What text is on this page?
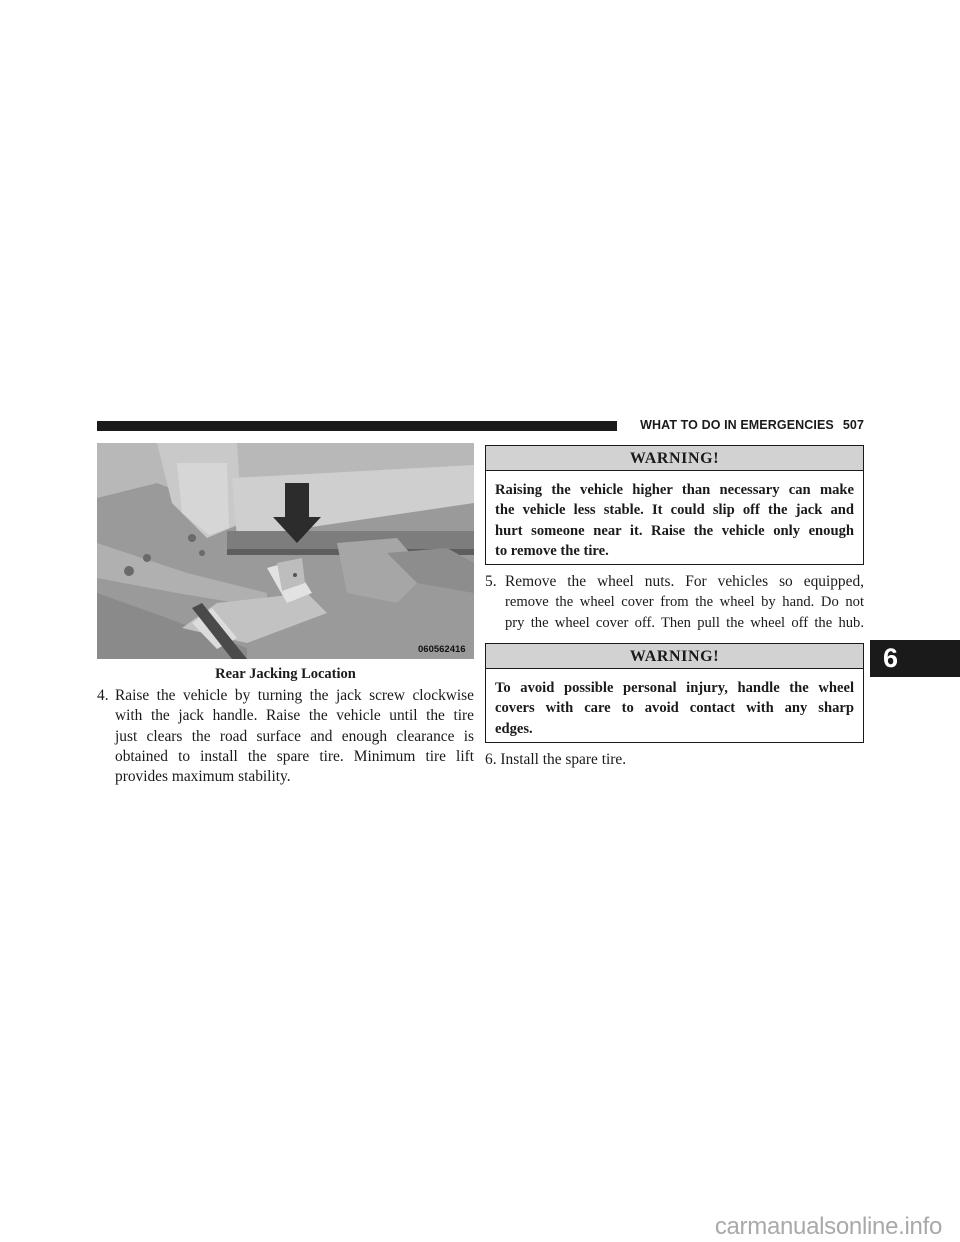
WHAT TO DO IN EMERGENCIES 507
060562416
Rear Jacking Location
4. Raise the vehicle by turning the jack screw clockwise
with the jack handle. Raise the vehicle until the tire
just clears the road surface and enough clearance is
obtained to install the spare tire. Minimum tire lift
provides maximum stability.
WARNING!
Raising the vehicle higher than necessary can make
the vehicle less stable. It could slip off the jack and
hurt someone near it. Raise the vehicle only enough
to remove the tire.
5. Remove the wheel nuts. For vehicles so equipped,
remove the wheel cover from the wheel by hand. Do not
pry the wheel cover off. Then pull the wheel off the hub.
WARNING!
To avoid possible personal injury, handle the wheel
covers with care to avoid contact with any sharp
edges.
6. Install the spare tire.
6
carmanualsonline.info
